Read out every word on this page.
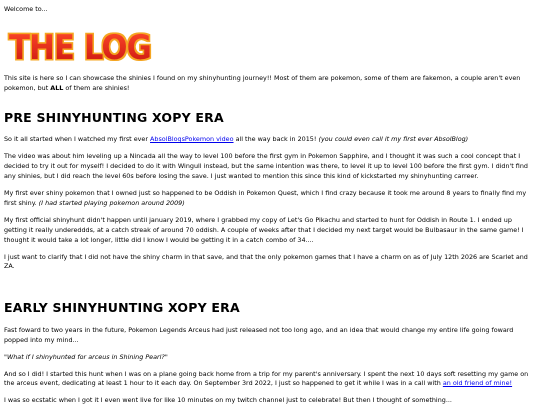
Welcome to...

THE LOG

This site is here so I can showcase the shinies I found on my shinyhunting journey!! Most of them are pokemon, some of them are fakemon, a couple aren't even pokemon, but ALL of them are shinies!

PRE SHINYHUNTING XOPY ERA

So it all started when I watched my first ever AbsolBlogsPokemon video all the way back in 2015! (you could even call it my first ever AbsolBlog)

The video was about him leveling up a Nincada all the way to level 100 before the first gym in Pokemon Sapphire, and I thought it was such a cool concept that I decided to try it out for myself! I decided to do it with Wingull instead, but the same intention was there, to level it up to level 100 before the first gym. I didn't find any shinies, but I did reach the level 60s before losing the save. I just wanted to mention this since this kind of kickstarted my shinyhunting carreer.

My first ever shiny pokemon that I owned just so happened to be Oddish in Pokemon Quest, which I find crazy because it took me around 8 years to finally find my first shiny. (I had started playing pokemon around 2009)

My first official shinyhunt didn't happen until january 2019, where I grabbed my copy of Let's Go Pikachu and started to hunt for Oddish in Route 1. I ended up getting it really undereddds, at a catch streak of around 70 oddish. A couple of weeks after that I decided my next target would be Bulbasaur in the same game! I thought it would take a lot longer, little did I know I would be getting it in a catch combo of 34....

I just want to clarify that I did not have the shiny charm in that save, and that the only pokemon games that I have a charm on as of July 12th 2026 are Scarlet and ZA.

EARLY SHINYHUNTING XOPY ERA

Fast foward to two years in the future, Pokemon Legends Arceus had just released not too long ago, and an idea that would change my entire life going foward popped into my mind...

"What if I shinyhunted for arceus in Shining Pearl?"

And so I did! I started this hunt when I was on a plane going back home from a trip for my parent's anniversary. I spent the next 10 days soft resetting my game on the arceus event, dedicating at least 1 hour to it each day. On September 3rd 2022, I just so happened to get it while I was in a call with an old friend of mine!

I was so ecstatic when I got it I even went live for like 10 minutes on my twitch channel just to celebrate! But then I thought of something...
